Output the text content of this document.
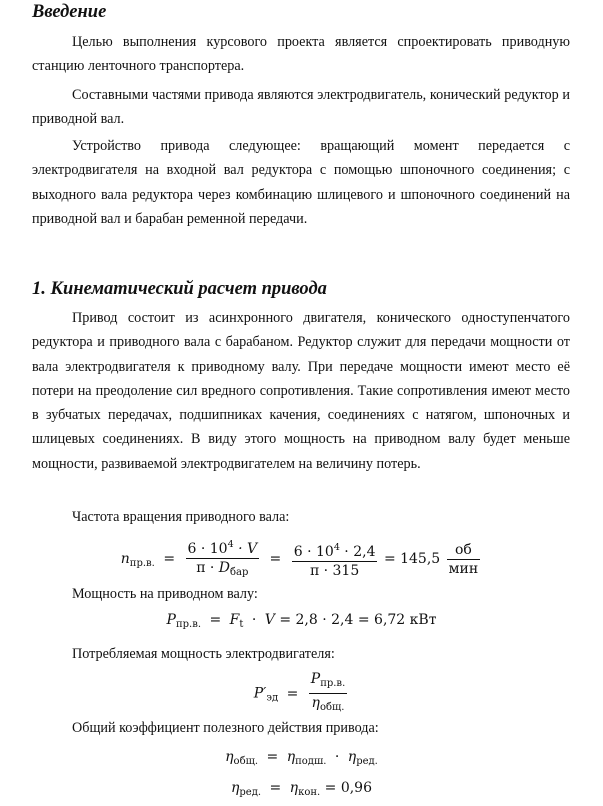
Введение

Целью выполнения курсового проекта является спроектировать приводную станцию ленточного транспортера.

Составными частями привода являются электродвигатель, конический редуктор и приводной вал.

Устройство привода следующее: вращающий момент передается с электродвигателя на входной вал редуктора с помощью шпоночного соединения; с выходного вала редуктора через комбинацию шлицевого и шпоночного соединений на приводной вал и барабан ременной передачи.

1. Кинематический расчет привода

Привод состоит из асинхронного двигателя, конического одноступенчатого редуктора и приводного вала с барабаном. Редуктор служит для передачи мощности от вала электродвигателя к приводному валу. При передаче мощности имеют место её потери на преодоление сил вредного сопротивления. Такие сопротивления имеют место в зубчатых передачах, подшипниках качения, соединениях с натягом, шпоночных и шлицевых соединениях. В виду этого мощность на приводном валу будет меньше мощности, развиваемой электродвигателем на величину потерь.

Частота вращения приводного вала:

$n_{пр.в.} = \frac{6 \cdot 10^4 \cdot V}{\pi \cdot D_{бар}} = \frac{6 \cdot 10^4 \cdot 2,4}{\pi \cdot 315} = 145,5 \frac{об}{\text{мин}}$

Мощность на приводном валу:

$P_{пр.в.} = F_t \cdot V = 2,8 \cdot 2,4 = 6,72$ кВт

Потребляемая мощность электродвигателя:

$P'_{эд} = \frac{P_{пр.в.}}{\eta_{общ.}}$

Общий коэффициент полезного действия привода:

$\eta_{общ.} = \eta_{подш.} \cdot \eta_{ред.}$
$\eta_{ред.} = \eta_{кон.} = 0,96$
